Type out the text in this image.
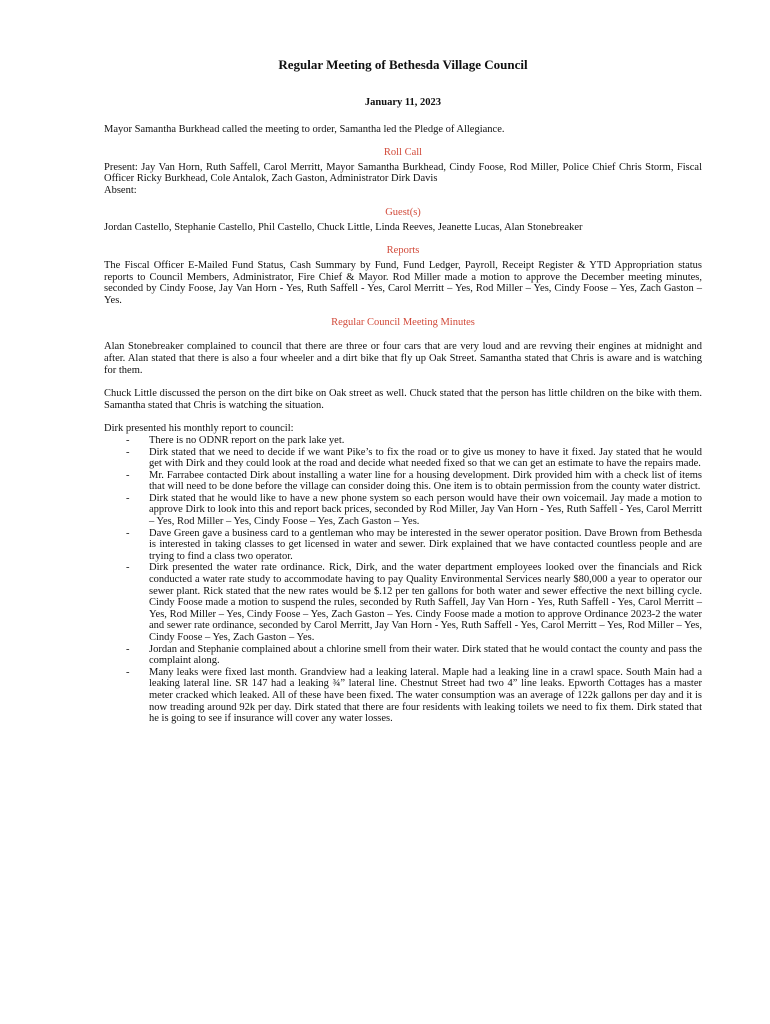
Regular Meeting of Bethesda Village Council
January 11, 2023

Mayor Samantha Burkhead called the meeting to order, Samantha led the Pledge of Allegiance.

Roll Call

Present: Jay Van Horn, Ruth Saffell, Carol Merritt, Mayor Samantha Burkhead, Cindy Foose, Rod Miller, Police Chief Chris Storm, Fiscal Officer Ricky Burkhead, Cole Antalok, Zach Gaston, Administrator Dirk Davis

Absent:

Guest(s)

Jordan Castello, Stephanie Castello, Phil Castello, Chuck Little, Linda Reeves, Jeanette Lucas, Alan Stonebreaker

Reports

The Fiscal Officer E-Mailed Fund Status, Cash Summary by Fund, Fund Ledger, Payroll, Receipt Register & YTD Appropriation status reports to Council Members, Administrator, Fire Chief & Mayor. Rod Miller made a motion to approve the December meeting minutes, seconded by Cindy Foose, Jay Van Horn - Yes, Ruth Saffell - Yes, Carol Merritt – Yes, Rod Miller – Yes, Cindy Foose – Yes, Zach Gaston – Yes.

Regular Council Meeting Minutes

Alan Stonebreaker complained to council that there are three or four cars that are very loud and are revving their engines at midnight and after. Alan stated that there is also a four wheeler and a dirt bike that fly up Oak Street. Samantha stated that Chris is aware and is watching for them.

Chuck Little discussed the person on the dirt bike on Oak street as well. Chuck stated that the person has little children on the bike with them. Samantha stated that Chris is watching the situation.

Dirk presented his monthly report to council:

- There is no ODNR report on the park lake yet.
- Dirk stated that we need to decide if we want Pike’s to fix the road or to give us money to have it fixed. Jay stated that he would get with Dirk and they could look at the road and decide what needed fixed so that we can get an estimate to have the repairs made.
- Mr. Farrabee contacted Dirk about installing a water line for a housing development. Dirk provided him with a check list of items that will need to be done before the village can consider doing this. One item is to obtain permission from the county water district.
- Dirk stated that he would like to have a new phone system so each person would have their own voicemail. Jay made a motion to approve Dirk to look into this and report back prices, seconded by Rod Miller, Jay Van Horn - Yes, Ruth Saffell - Yes, Carol Merritt – Yes, Rod Miller – Yes, Cindy Foose – Yes, Zach Gaston – Yes.
- Dave Green gave a business card to a gentleman who may be interested in the sewer operator position. Dave Brown from Bethesda is interested in taking classes to get licensed in water and sewer. Dirk explained that we have contacted countless people and are trying to find a class two operator.
- Dirk presented the water rate ordinance. Rick, Dirk, and the water department employees looked over the financials and Rick conducted a water rate study to accommodate having to pay Quality Environmental Services nearly $80,000 a year to operator our sewer plant. Rick stated that the new rates would be $.12 per ten gallons for both water and sewer effective the next billing cycle. Cindy Foose made a motion to suspend the rules, seconded by Ruth Saffell, Jay Van Horn - Yes, Ruth Saffell - Yes, Carol Merritt – Yes, Rod Miller – Yes, Cindy Foose – Yes, Zach Gaston – Yes. Cindy Foose made a motion to approve Ordinance 2023-2 the water and sewer rate ordinance, seconded by Carol Merritt, Jay Van Horn - Yes, Ruth Saffell - Yes, Carol Merritt – Yes, Rod Miller – Yes, Cindy Foose – Yes, Zach Gaston – Yes.
- Jordan and Stephanie complained about a chlorine smell from their water. Dirk stated that he would contact the county and pass the complaint along.
- Many leaks were fixed last month. Grandview had a leaking lateral. Maple had a leaking line in a crawl space. South Main had a leaking lateral line. SR 147 had a leaking ¾” lateral line. Chestnut Street had two 4” line leaks. Epworth Cottages has a master meter cracked which leaked. All of these have been fixed. The water consumption was an average of 122k gallons per day and it is now treading around 92k per day. Dirk stated that there are four residents with leaking toilets we need to fix them. Dirk stated that he is going to see if insurance will cover any water losses.
